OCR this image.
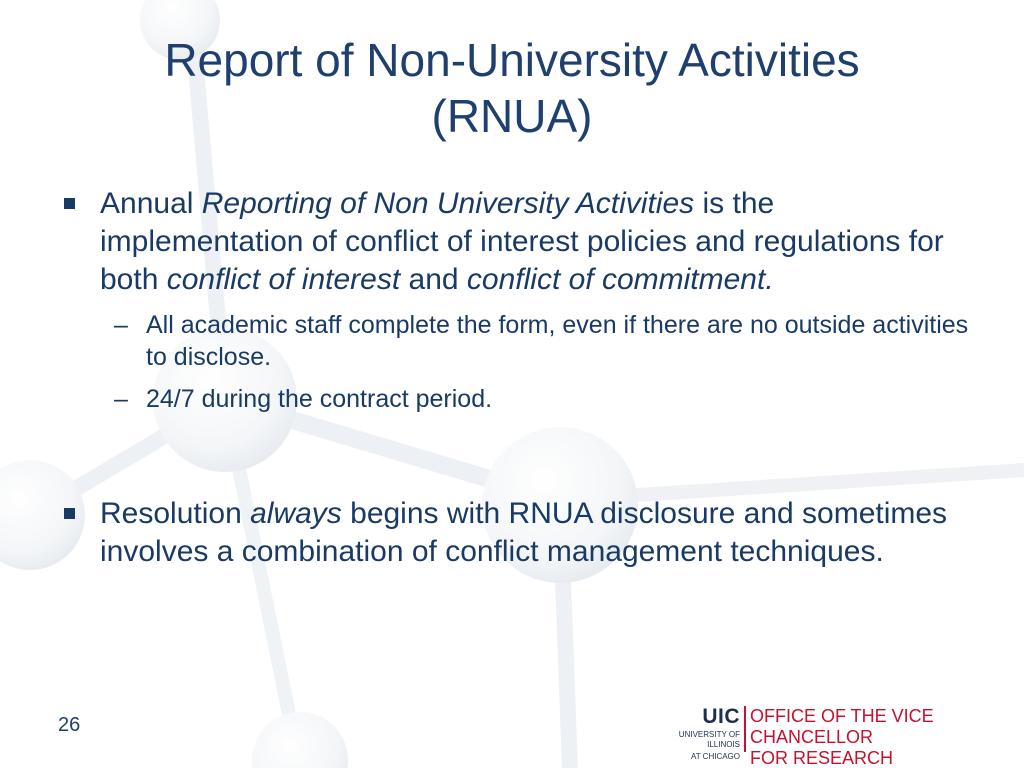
Report of Non-University Activities
(RNUA)
Annual Reporting of Non University Activities is the implementation of conflict of interest policies and regulations for both conflict of interest and conflict of commitment.
– All academic staff complete the form, even if there are no outside activities to disclose.
– 24/7 during the contract period.
Resolution always begins with RNUA disclosure and sometimes involves a combination of conflict management techniques.
26	UIC
UNIVERSITY OF ILLINOIS
AT CHICAGO
OFFICE OF THE VICE CHANCELLOR
FOR RESEARCH
